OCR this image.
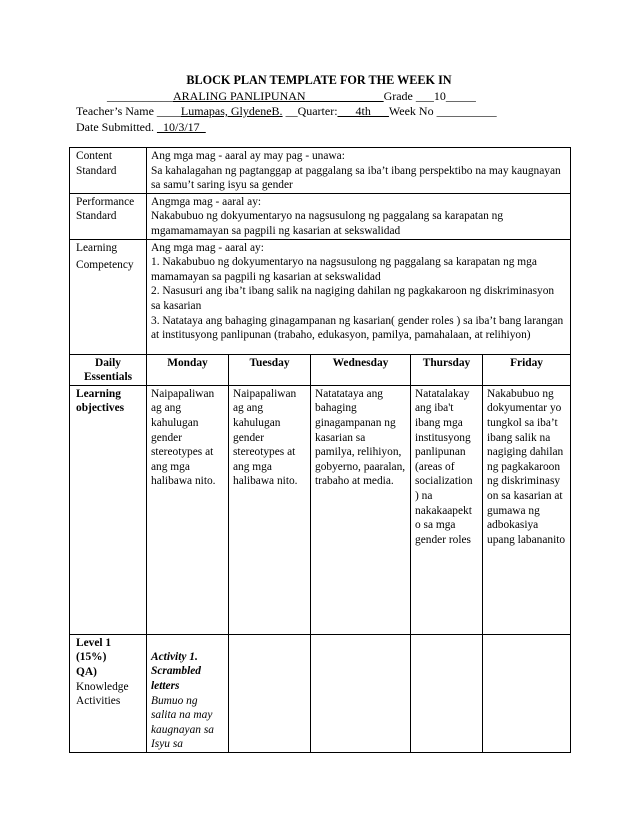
BLOCK PLAN TEMPLATE FOR THE WEEK IN
___________ARALING PANLIPUNAN_____________Grade ___10_____
Teacher’s Name ____Lumapas, GlydeneB. __Quarter:___4th___Week No __________
Date Submitted. _10/3/17_
Content
Standard	Ang mga mag - aaral ay may pag - unawa:
Sa kahalagahan ng pagtanggap at paggalang sa iba’t ibang perspektibo na may kaugnayan sa samu’t saring isyu sa gender				

Performance
Standard	Angmga mag - aaral ay:
Nakabubuo ng dokyumentaryo na nagsusulong ng paggalang sa karapatan ng mgamamamayan sa pagpili ng kasarian at sekswalidad				

Learning
Competency	Ang mga mag - aaral ay:
1. Nakabubuo ng dokyumentaryo na nagsusulong ng paggalang sa karapatan ng mga mamamayan sa pagpili ng kasarian at sekswalidad
2. Nasusuri ang iba’t ibang salik na nagiging dahilan ng pagkakaroon ng diskriminasyon sa kasarian
3. Natataya ang bahaging ginagampanan ng kasarian( gender roles ) sa iba’t bang larangan at institusyong panlipunan (trabaho, edukasyon, pamilya, pamahalaan, at relihiyon)				

Daily
Essentials	Monday	Tuesday	Wednesday	Thursday	Friday

Learning
objectives	Naipapaliwan ag ang kahulugan gender stereotypes at ang mga halibawa nito.	Naipapaliwan ag ang kahulugan gender stereotypes at ang mga halibawa nito.	Natatataya ang bahaging ginagampanan ng kasarian sa pamilya, relihiyon, gobyerno, paaralan, trabaho at media.	Natatalakay ang iba't ibang mga institusyong panlipunan (areas of socialization ) na nakakaapekt o sa mga gender roles	Nakabubuo ng dokyumentar yo tungkol sa iba’t ibang salik na nagiging dahilan ng pagkakaroon ng diskriminasy on sa kasarian at gumawa ng adbokasiya upang labananito

Level 1
(15%)
QA)
Knowledge
Activities	Activity 1. Scrambled letters
Bumuo ng salita na may kaugnayan sa Isyu sa				
